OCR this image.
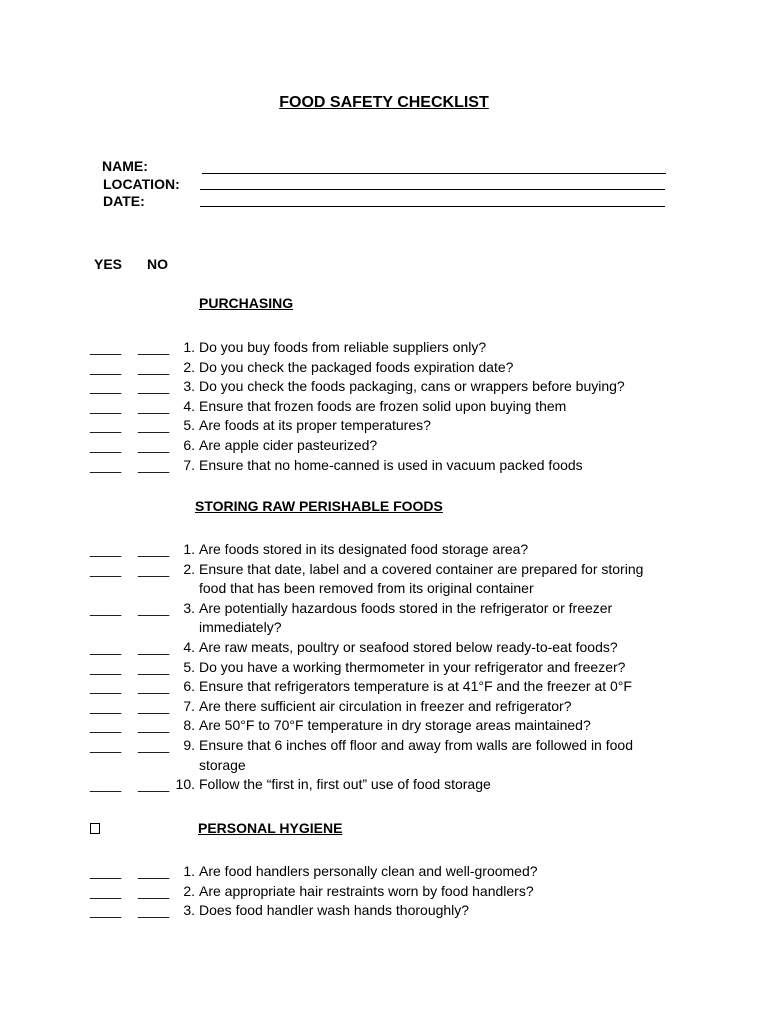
FOOD SAFETY CHECKLIST
NAME:
LOCATION:
DATE:
YES NO
PURCHASING
STORING RAW PERISHABLE FOODS
PERSONAL HYGIENE
____ ____	1. Do you buy foods from reliable suppliers only?
____ ____	2. Do you check the packaged foods expiration date?
____ ____	3. Do you check the foods packaging, cans or wrappers before buying?
____ ____	4. Ensure that frozen foods are frozen solid upon buying them
____ ____	5. Are foods at its proper temperatures?
____ ____	6. Are apple cider pasteurized?
____ ____	7. Ensure that no home-canned is used in vacuum packed foods
____ ____	1. Are foods stored in its designated food storage area?
____ ____	2. Ensure that date, label and a covered container are prepared for storing
food that has been removed from its original container
____ ____	3. Are potentially hazardous foods stored in the refrigerator or freezer
immediately?
____ ____	4. Are raw meats, poultry or seafood stored below ready-to-eat foods?
____ ____	5. Do you have a working thermometer in your refrigerator and freezer?
____ ____	6. Ensure that refrigerators temperature is at 41°F and the freezer at 0°F
____ ____	7. Are there sufficient air circulation in freezer and refrigerator?
____ ____	8. Are 50°F to 70°F temperature in dry storage areas maintained?
____ ____	9. Ensure that 6 inches off floor and away from walls are followed in food
storage
____ ____ 10. Follow the “first in, first out” use of food storage
____ ____	1. Are food handlers personally clean and well-groomed?
____ ____	2. Are appropriate hair restraints worn by food handlers?
____ ____	3. Does food handler wash hands thoroughly?
